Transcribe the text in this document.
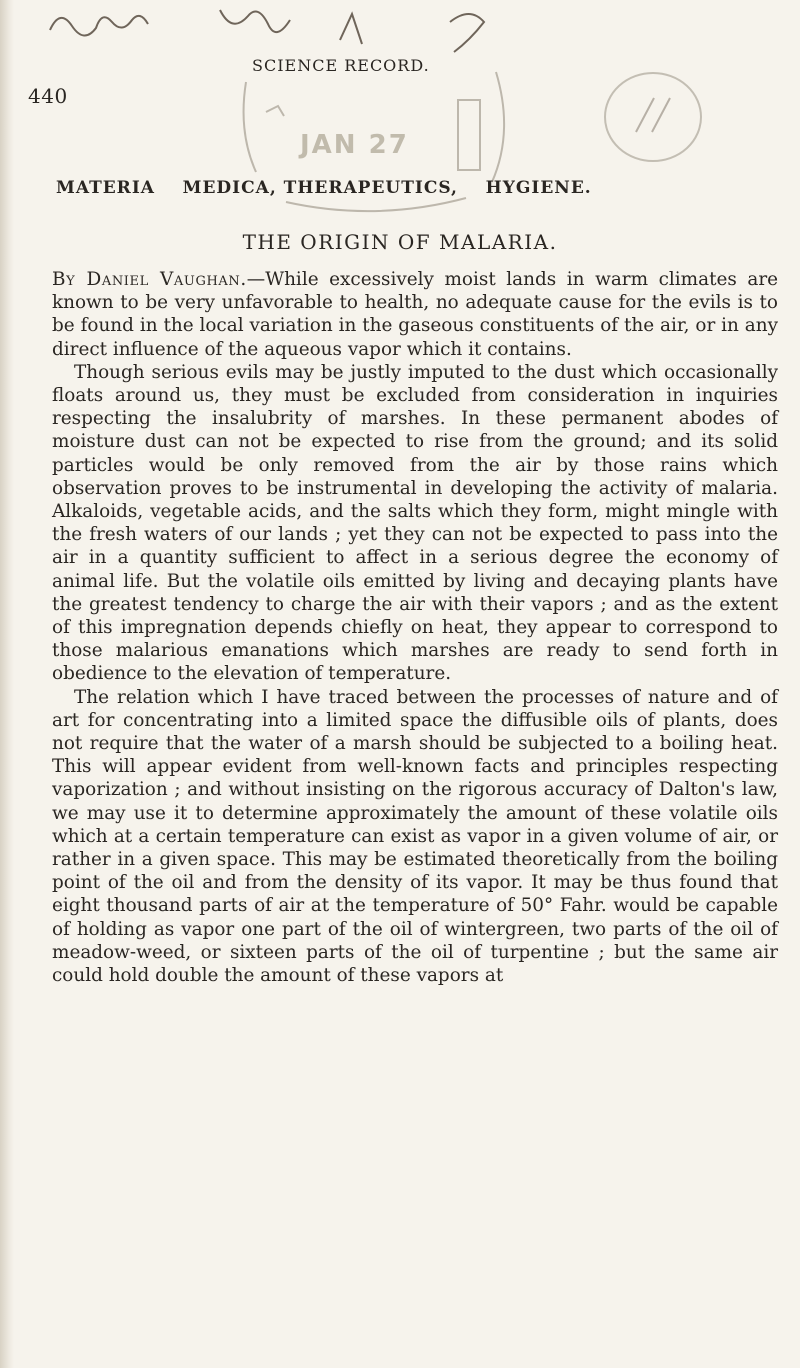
440
SCIENCE RECORD.
JAN 27
MATERIA MEDICA, THERAPEUTICS, HYGIENE.
THE ORIGIN OF MALARIA.

By Daniel Vaughan.—While excessively moist lands in warm climates are known to be very unfavorable to health, no adequate cause for the evils is to be found in the local variation in the gaseous constituents of the air, or in any direct influence of the aqueous vapor which it contains.

Though serious evils may be justly imputed to the dust which occasionally floats around us, they must be excluded from consideration in inquiries respecting the insalubrity of marshes. In these permanent abodes of moisture dust can not be expected to rise from the ground; and its solid particles would be only removed from the air by those rains which observation proves to be instrumental in developing the activity of malaria. Alkaloids, vegetable acids, and the salts which they form, might mingle with the fresh waters of our lands ; yet they can not be expected to pass into the air in a quantity sufficient to affect in a serious degree the economy of animal life. But the volatile oils emitted by living and decaying plants have the greatest tendency to charge the air with their vapors ; and as the extent of this impregnation depends chiefly on heat, they appear to correspond to those malarious emanations which marshes are ready to send forth in obedience to the elevation of temperature.

The relation which I have traced between the processes of nature and of art for concentrating into a limited space the diffusible oils of plants, does not require that the water of a marsh should be subjected to a boiling heat. This will appear evident from well-known facts and principles respecting vaporization ; and without insisting on the rigorous accuracy of Dalton's law, we may use it to determine approximately the amount of these volatile oils which at a certain temperature can exist as vapor in a given volume of air, or rather in a given space. This may be estimated theoretically from the boiling point of the oil and from the density of its vapor. It may be thus found that eight thousand parts of air at the temperature of 50° Fahr. would be capable of holding as vapor one part of the oil of wintergreen, two parts of the oil of meadow-weed, or sixteen parts of the oil of turpentine ; but the same air could hold double the amount of these vapors at
